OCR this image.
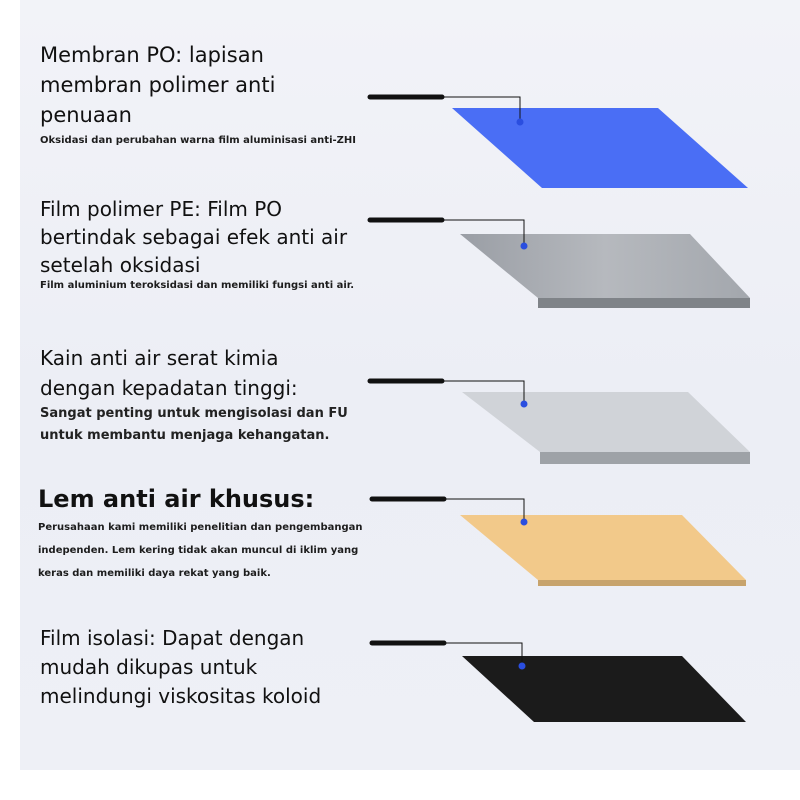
Membran PO: lapisan
membran polimer anti
penuaan
Oksidasi dan perubahan warna film aluminisasi anti-ZHI
Film polimer PE: Film PO
bertindak sebagai efek anti air
setelah oksidasi
Film aluminium teroksidasi dan memiliki fungsi anti air.
Kain anti air serat kimia
dengan kepadatan tinggi:
Sangat penting untuk mengisolasi dan FU
untuk membantu menjaga kehangatan.
Lem anti air khusus:
Perusahaan kami memiliki penelitian dan pengembangan
independen. Lem kering tidak akan muncul di iklim yang
keras dan memiliki daya rekat yang baik.
Film isolasi: Dapat dengan
mudah dikupas untuk
melindungi viskositas koloid
